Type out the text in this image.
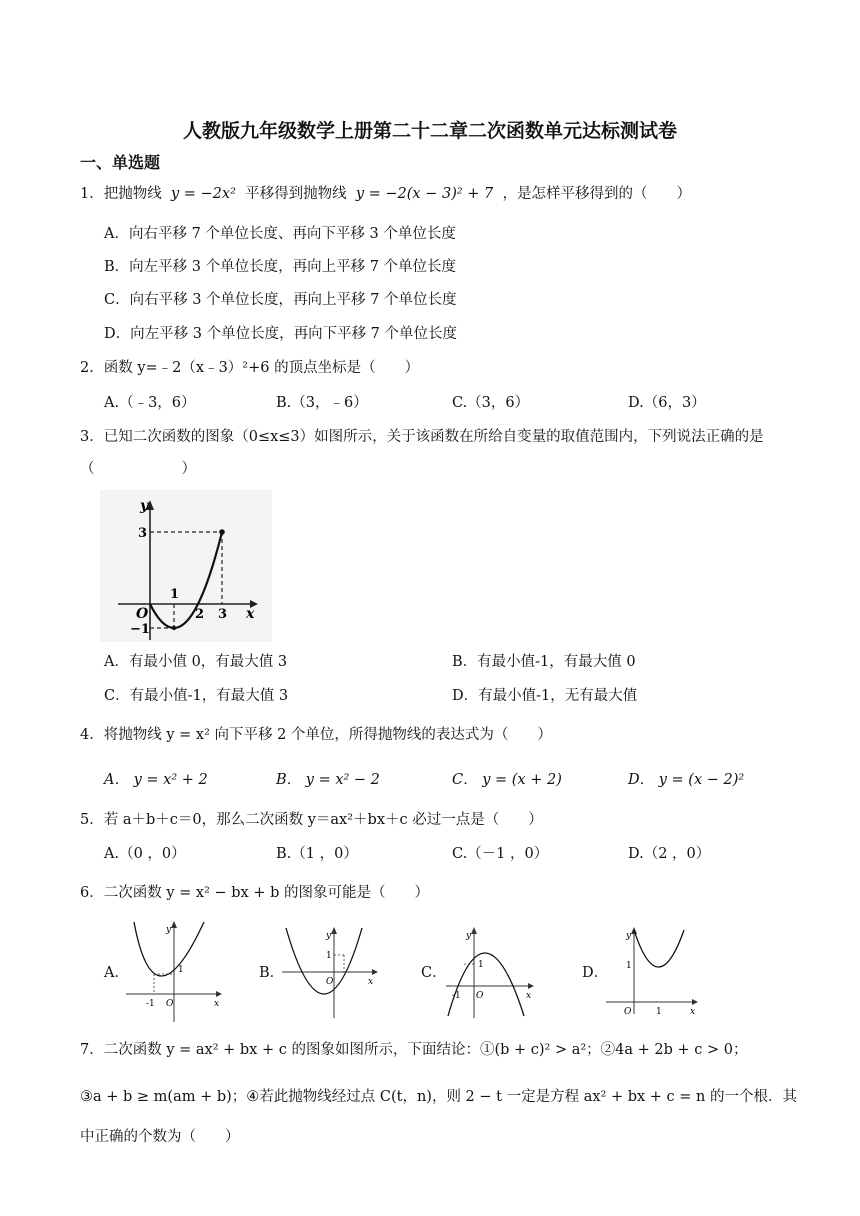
人教版九年级数学上册第二十二章二次函数单元达标测试卷
一、单选题
1．把抛物线 y = −2x² 平移得到抛物线 y = −2(x − 3)² + 7 ，是怎样平移得到的（　　）
A．向右平移 7 个单位长度、再向下平移 3 个单位长度
B．向左平移 3 个单位长度，再向上平移 7 个单位长度
C．向右平移 3 个单位长度，再向上平移 7 个单位长度
D．向左平移 3 个单位长度，再向下平移 7 个单位长度
2．函数 y=﹣2（x﹣3）²+6 的顶点坐标是（　　）
A.（﹣3，6）	B.（3，﹣6）	C.（3，6）	D.（6，3）
3．已知二次函数的图象（0≤x≤3）如图所示，关于该函数在所给自变量的取值范围内，下列说法正确的是
（　　　　　　）
y
x
O
3
−1
1
2 3
A．有最小值 0，有最大值 3	B．有最小值-1，有最大值 0
C．有最小值-1，有最大值 3	D．有最小值-1，无有最大值
4．将抛物线 y = x² 向下平移 2 个单位，所得抛物线的表达式为（　　）
A． y = x² + 2	B． y = x² − 2	C． y = (x + 2)	D． y = (x − 2)²
5．若 a＋b＋c＝0，那么二次函数 y＝ax²＋bx＋c 必过一点是（　　）
A.（0 ，0）	B.（1 ，0）	C.（－1 ，0）	D.（2 ，0）
6．二次函数 y = x² − bx + b 的图象可能是（　　）
A．
y
x
1
O
-1
B．
y
x
1
O
C．
y
x
1
O
-1
D．
y
x
1
O	1
7．二次函数 y = ax² + bx + c 的图象如图所示，下面结论：①(b + c)² > a²；②4a + 2b + c > 0；
③a + b ≥ m(am + b)；④若此抛物线经过点 C(t，n)，则 2 − t 一定是方程 ax² + bx + c = n 的一个根．其
中正确的个数为（　　）
